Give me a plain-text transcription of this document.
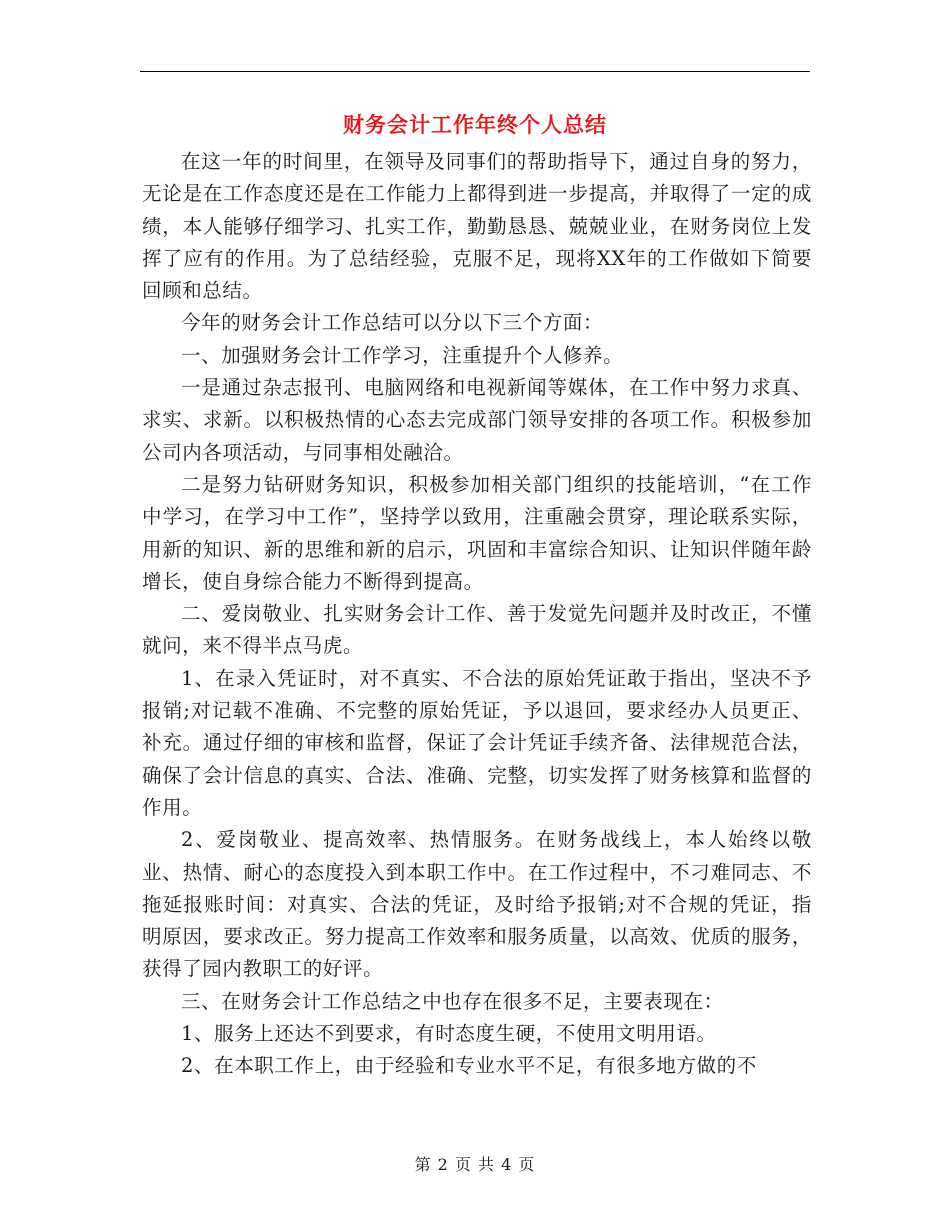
财务会计工作年终个人总结

在这一年的时间里，在领导及同事们的帮助指导下，通过自身的努力，无论是在工作态度还是在工作能力上都得到进一步提高，并取得了一定的成绩，本人能够仔细学习、扎实工作，勤勤恳恳、兢兢业业，在财务岗位上发挥了应有的作用。为了总结经验，克服不足，现将XX年的工作做如下简要回顾和总结。

今年的财务会计工作总结可以分以下三个方面：

一、加强财务会计工作学习，注重提升个人修养。

一是通过杂志报刊、电脑网络和电视新闻等媒体，在工作中努力求真、求实、求新。以积极热情的心态去完成部门领导安排的各项工作。积极参加公司内各项活动，与同事相处融洽。

二是努力钻研财务知识，积极参加相关部门组织的技能培训，“在工作中学习，在学习中工作”，坚持学以致用，注重融会贯穿，理论联系实际，用新的知识、新的思维和新的启示，巩固和丰富综合知识、让知识伴随年龄增长，使自身综合能力不断得到提高。

二、爱岗敬业、扎实财务会计工作、善于发觉先问题并及时改正，不懂就问，来不得半点马虎。

1、在录入凭证时，对不真实、不合法的原始凭证敢于指出，坚决不予报销;对记载不准确、不完整的原始凭证，予以退回，要求经办人员更正、补充。通过仔细的审核和监督，保证了会计凭证手续齐备、法律规范合法，确保了会计信息的真实、合法、准确、完整，切实发挥了财务核算和监督的作用。

2、爱岗敬业、提高效率、热情服务。在财务战线上，本人始终以敬业、热情、耐心的态度投入到本职工作中。在工作过程中，不刁难同志、不拖延报账时间：对真实、合法的凭证，及时给予报销;对不合规的凭证，指明原因，要求改正。努力提高工作效率和服务质量，以高效、优质的服务，获得了园内教职工的好评。

三、在财务会计工作总结之中也存在很多不足，主要表现在：

1、服务上还达不到要求，有时态度生硬，不使用文明用语。

2、在本职工作上，由于经验和专业水平不足，有很多地方做的不

第 2 页 共 4 页
